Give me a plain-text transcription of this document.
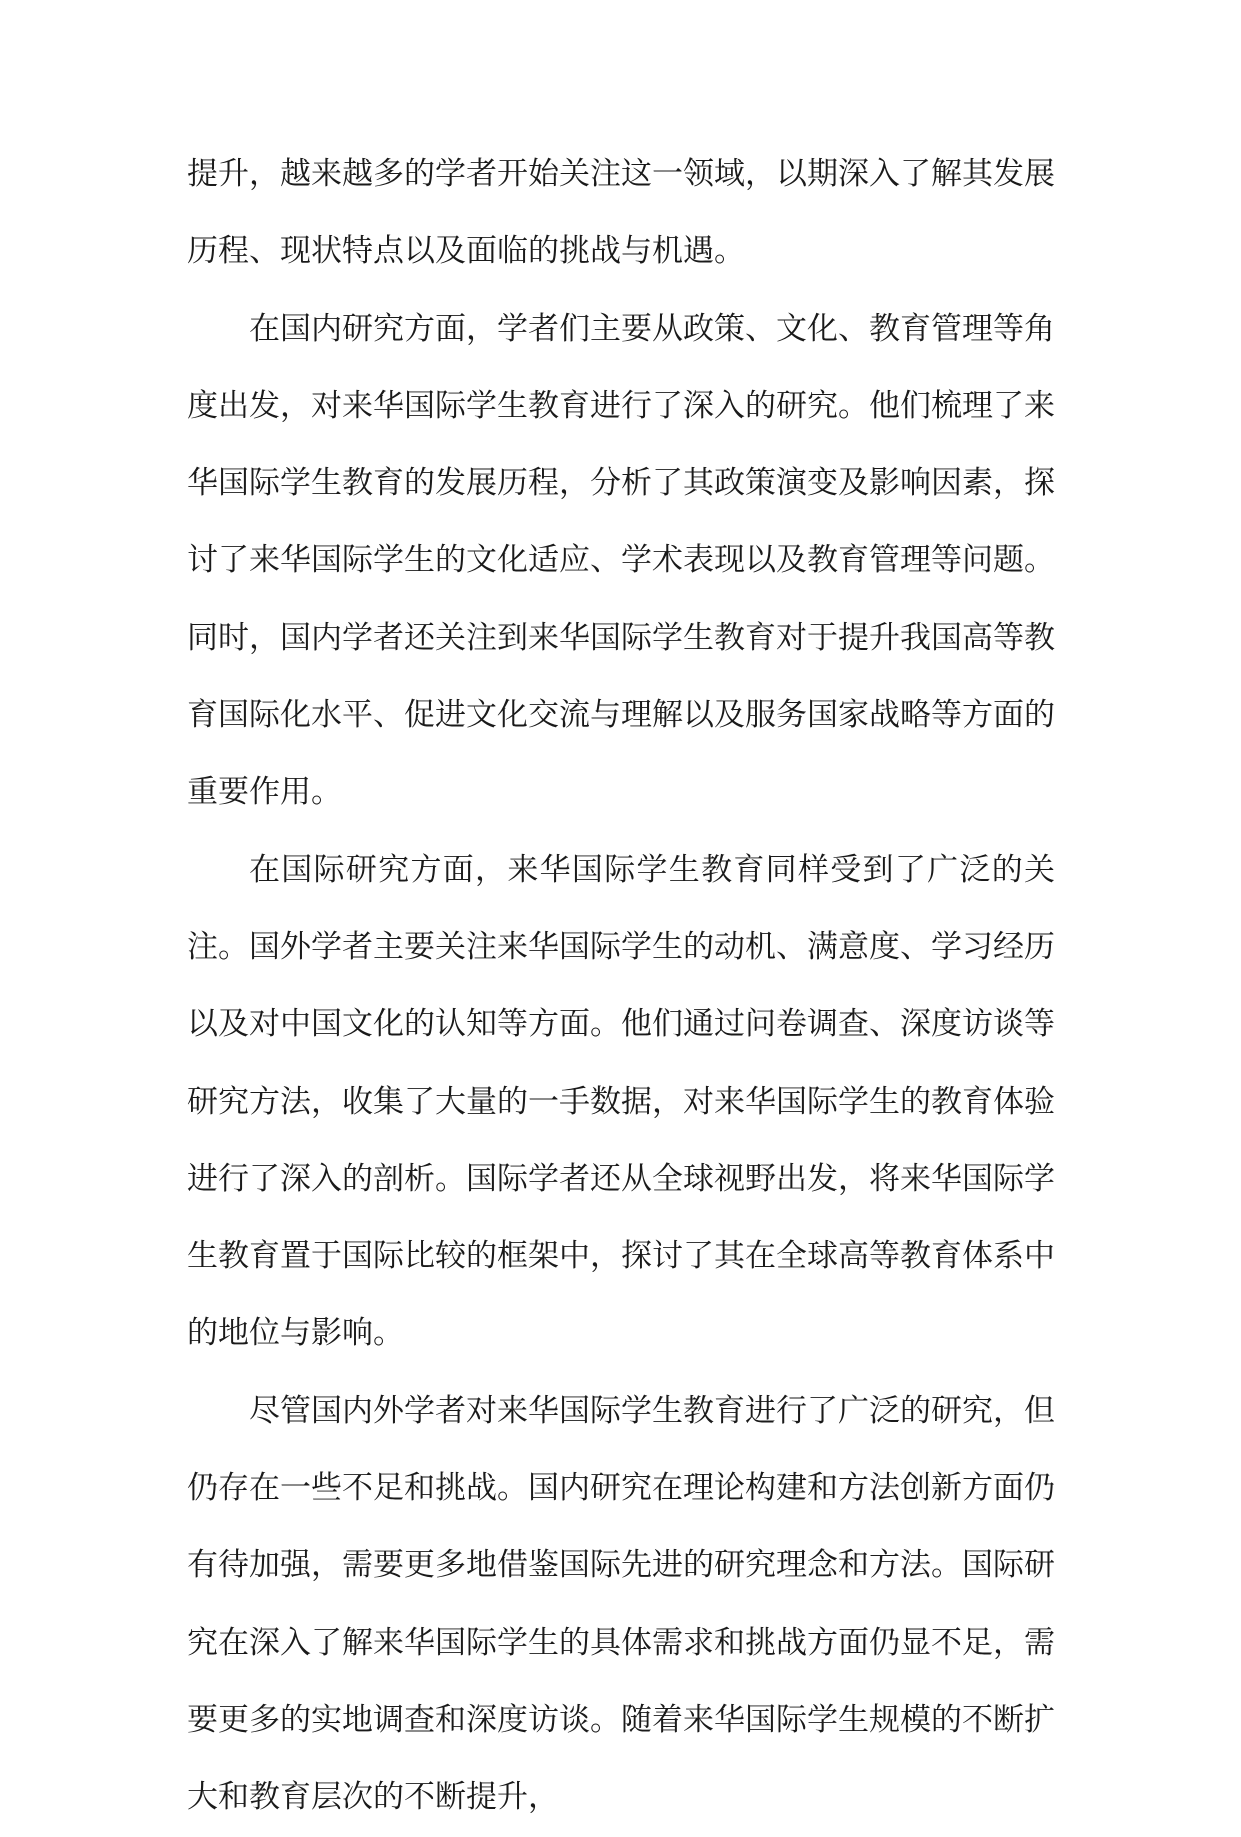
提升，越来越多的学者开始关注这一领域，以期深入了解其发展历程、现状特点以及面临的挑战与机遇。

在国内研究方面，学者们主要从政策、文化、教育管理等角度出发，对来华国际学生教育进行了深入的研究。他们梳理了来华国际学生教育的发展历程，分析了其政策演变及影响因素，探讨了来华国际学生的文化适应、学术表现以及教育管理等问题。同时，国内学者还关注到来华国际学生教育对于提升我国高等教育国际化水平、促进文化交流与理解以及服务国家战略等方面的重要作用。

在国际研究方面，来华国际学生教育同样受到了广泛的关注。国外学者主要关注来华国际学生的动机、满意度、学习经历以及对中国文化的认知等方面。他们通过问卷调查、深度访谈等研究方法，收集了大量的一手数据，对来华国际学生的教育体验进行了深入的剖析。国际学者还从全球视野出发，将来华国际学生教育置于国际比较的框架中，探讨了其在全球高等教育体系中的地位与影响。

尽管国内外学者对来华国际学生教育进行了广泛的研究，但仍存在一些不足和挑战。国内研究在理论构建和方法创新方面仍有待加强，需要更多地借鉴国际先进的研究理念和方法。国际研究在深入了解来华国际学生的具体需求和挑战方面仍显不足，需要更多的实地调查和深度访谈。随着来华国际学生规模的不断扩大和教育层次的不断提升，
